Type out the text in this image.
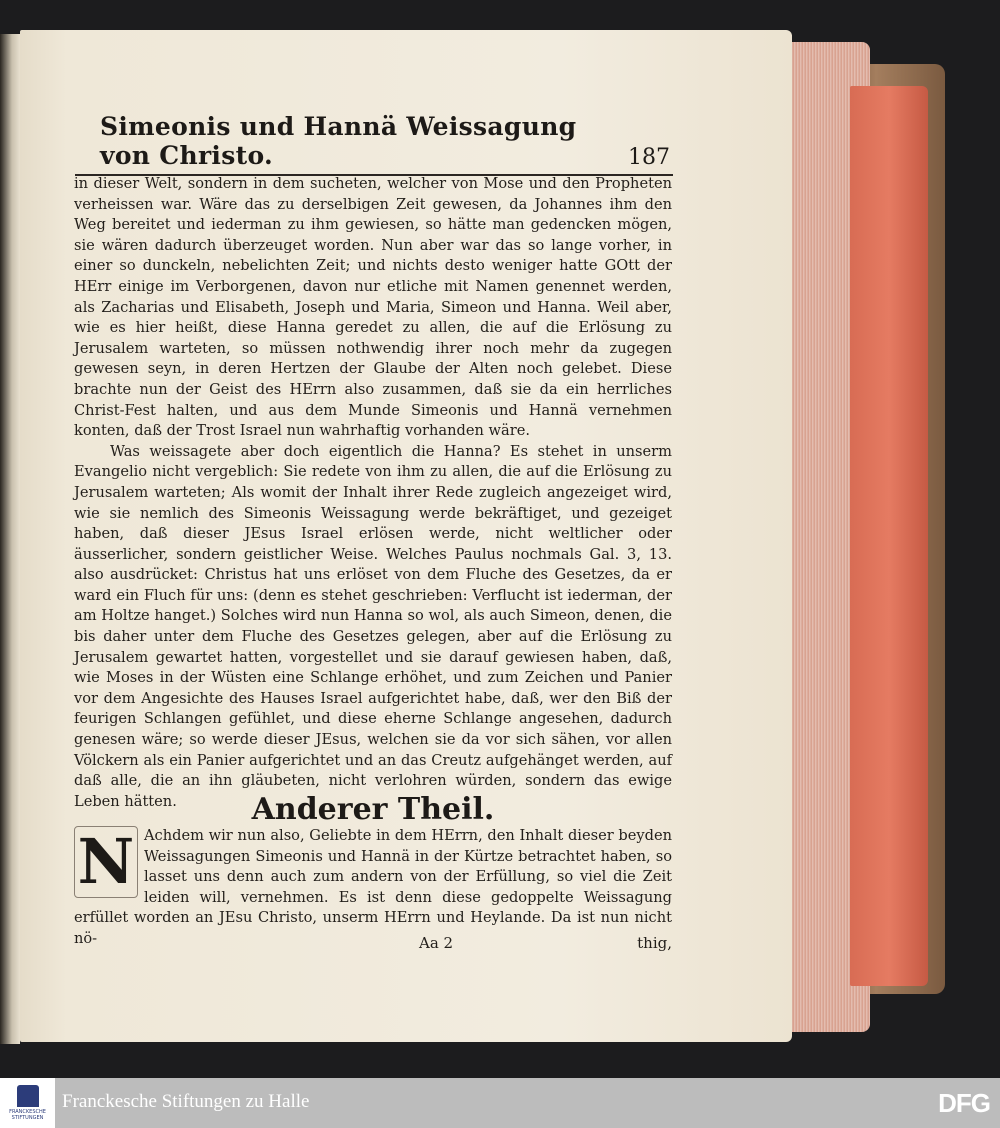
Simeonis und Hannä Weissagung von Christo.	187

in dieser Welt, sondern in dem sucheten, welcher von Mose und den Propheten verheissen war. Wäre das zu derselbigen Zeit gewesen, da Johannes ihm den Weg bereitet und iederman zu ihm gewiesen, so hätte man gedencken mögen, sie wären dadurch überzeuget worden. Nun aber war das so lange vorher, in einer so dunckeln, nebelichten Zeit; und nichts desto weniger hatte GOtt der HErr einige im Verborgenen, davon nur etliche mit Namen genennet werden, als Zacharias und Elisabeth, Joseph und Maria, Simeon und Hanna. Weil aber, wie es hier heißt, diese Hanna geredet zu allen, die auf die Erlösung zu Jerusalem warteten, so müssen nothwendig ihrer noch mehr da zugegen gewesen seyn, in deren Hertzen der Glaube der Alten noch gelebet. Diese brachte nun der Geist des HErrn also zusammen, daß sie da ein herrliches Christ-Fest halten, und aus dem Munde Simeonis und Hannä vernehmen konten, daß der Trost Israel nun wahrhaftig vorhanden wäre.

Was weissagete aber doch eigentlich die Hanna? Es stehet in unserm Evangelio nicht vergeblich: Sie redete von ihm zu allen, die auf die Erlösung zu Jerusalem warteten; Als womit der Inhalt ihrer Rede zugleich angezeiget wird, wie sie nemlich des Simeonis Weissagung werde bekräftiget, und gezeiget haben, daß dieser JEsus Israel erlösen werde, nicht weltlicher oder äusserlicher, sondern geistlicher Weise. Welches Paulus nochmals Gal. 3, 13. also ausdrücket: Christus hat uns erlöset von dem Fluche des Gesetzes, da er ward ein Fluch für uns: (denn es stehet geschrieben: Verflucht ist iederman, der am Holtze hanget.) Solches wird nun Hanna so wol, als auch Simeon, denen, die bis daher unter dem Fluche des Gesetzes gelegen, aber auf die Erlösung zu Jerusalem gewartet hatten, vorgestellet und sie darauf gewiesen haben, daß, wie Moses in der Wüsten eine Schlange erhöhet, und zum Zeichen und Panier vor dem Angesichte des Hauses Israel aufgerichtet habe, daß, wer den Biß der feurigen Schlangen gefühlet, und diese eherne Schlange angesehen, dadurch genesen wäre; so werde dieser JEsus, welchen sie da vor sich sähen, vor allen Völckern als ein Panier aufgerichtet und an das Creutz aufgehänget werden, auf daß alle, die an ihn gläubeten, nicht verlohren würden, sondern das ewige Leben hätten.	Anderer Theil.
N Achdem wir nun also, Geliebte in dem HErrn, den Inhalt dieser beyden Weissagungen Simeonis und Hannä in der Kürtze betrachtet haben, so lasset uns denn auch zum andern von der Erfüllung, so viel die Zeit leiden will, vernehmen. Es ist denn diese gedoppelte Weissagung erfüllet worden an JEsu Christo, unserm HErrn und Heylande. Da ist nun nicht nö-	Aa 2	thig,
FRANCKESCHE
STIFTUNGEN
Franckesche Stiftungen zu Halle	DFG
